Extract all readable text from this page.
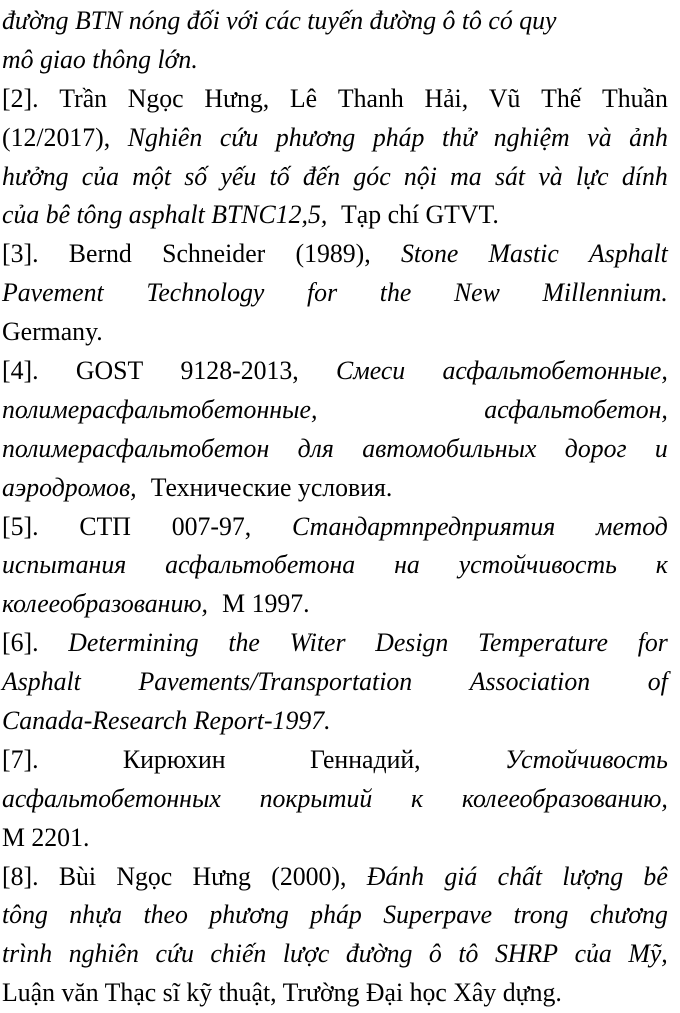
đường BTN nóng đối với các tuyến đường ô tô có quy
mô giao thông lớn.
[2]. Trần Ngọc Hưng, Lê Thanh Hải, Vũ Thế Thuần
(12/2017), Nghiên cứu phương pháp thử nghiệm và ảnh
hưởng của một số yếu tố đến góc nội ma sát và lực dính
của bê tông asphalt BTNC12,5, Tạp chí GTVT.
[3]. Bernd Schneider (1989), Stone Mastic Asphalt
Pavement Technology for the New Millennium.
Germany.
[4]. GOST 9128-2013, Смеси асфальтобетонные,
полимерасфальтобетонные,	асфальтобетон,
полимерасфальтобетон для автомобильных дорог и
аэродромов, Технические условия.
[5]. СТП 007-97, Стандартпредприятия метод
испытания асфальтобетона на устойчивость к
колееобразованию, М 1997.
[6]. Determining the Witer Design Temperature for
Asphalt Pavements/Transportation Association of
Canada-Research Report-1997.
[7].	Кирюхин	Геннадий,	Устойчивость
асфальтобетонных покрытий к колееобразованию,
М 2201.
[8]. Bùi Ngọc Hưng (2000), Đánh giá chất lượng bê
tông nhựa theo phương pháp Superpave trong chương
trình nghiên cứu chiến lược đường ô tô SHRP của Mỹ,
Luận văn Thạc sĩ kỹ thuật, Trường Đại học Xây dựng.
